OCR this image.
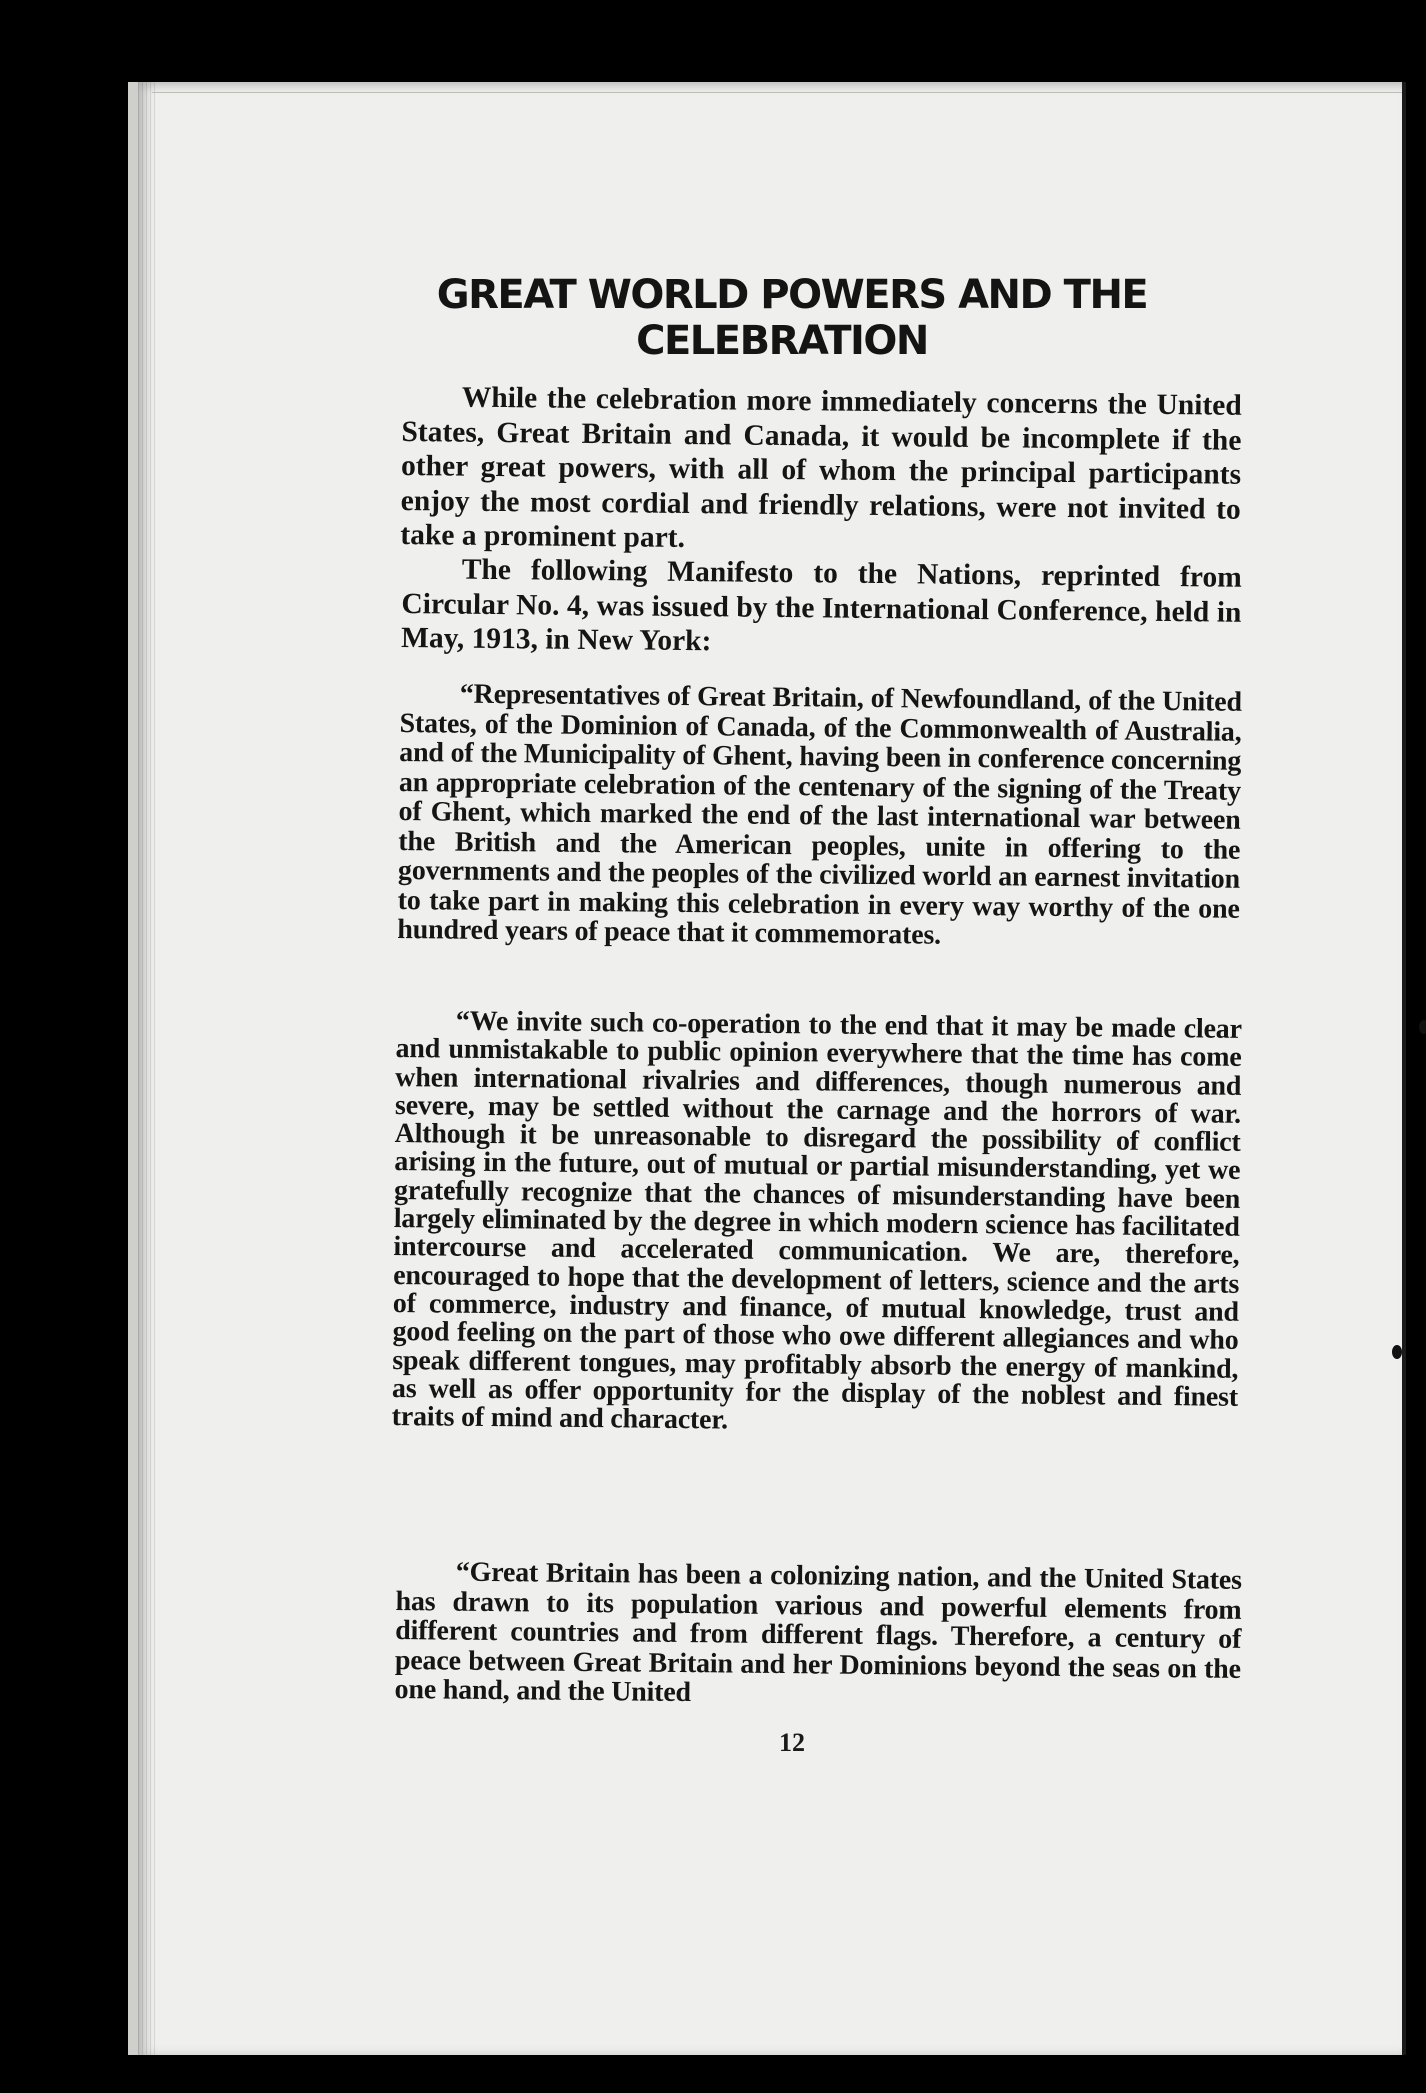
GREAT WORLD POWERS AND THE
CELEBRATION

While the celebration more immediately concerns the United States, Great Britain and Canada, it would be incomplete if the other great powers, with all of whom the principal participants enjoy the most cordial and friendly relations, were not invited to take a prominent part.

The following Manifesto to the Nations, reprinted from Circular No. 4, was issued by the International Conference, held in May, 1913, in New York:

“Representatives of Great Britain, of Newfoundland, of the United States, of the Dominion of Canada, of the Commonwealth of Australia, and of the Municipality of Ghent, having been in conference concerning an appropriate celebration of the centenary of the signing of the Treaty of Ghent, which marked the end of the last international war between the British and the American peoples, unite in offering to the governments and the peoples of the civilized world an earnest invitation to take part in making this celebration in every way worthy of the one hundred years of peace that it commemorates.

“We invite such co-operation to the end that it may be made clear and unmistakable to public opinion everywhere that the time has come when international rivalries and differences, though numerous and severe, may be settled without the carnage and the horrors of war. Although it be unreasonable to disregard the possibility of conflict arising in the future, out of mutual or partial misunderstanding, yet we gratefully recognize that the chances of misunderstanding have been largely eliminated by the degree in which modern science has facilitated intercourse and accelerated communication. We are, therefore, encouraged to hope that the development of letters, science and the arts of commerce, industry and finance, of mutual knowledge, trust and good feeling on the part of those who owe different allegiances and who speak different tongues, may profitably absorb the energy of mankind, as well as offer opportunity for the display of the noblest and finest traits of mind and character.

“Great Britain has been a colonizing nation, and the United States has drawn to its population various and powerful elements from different countries and from different flags. Therefore, a century of peace between Great Britain and her Dominions beyond the seas on the one hand, and the United

12
